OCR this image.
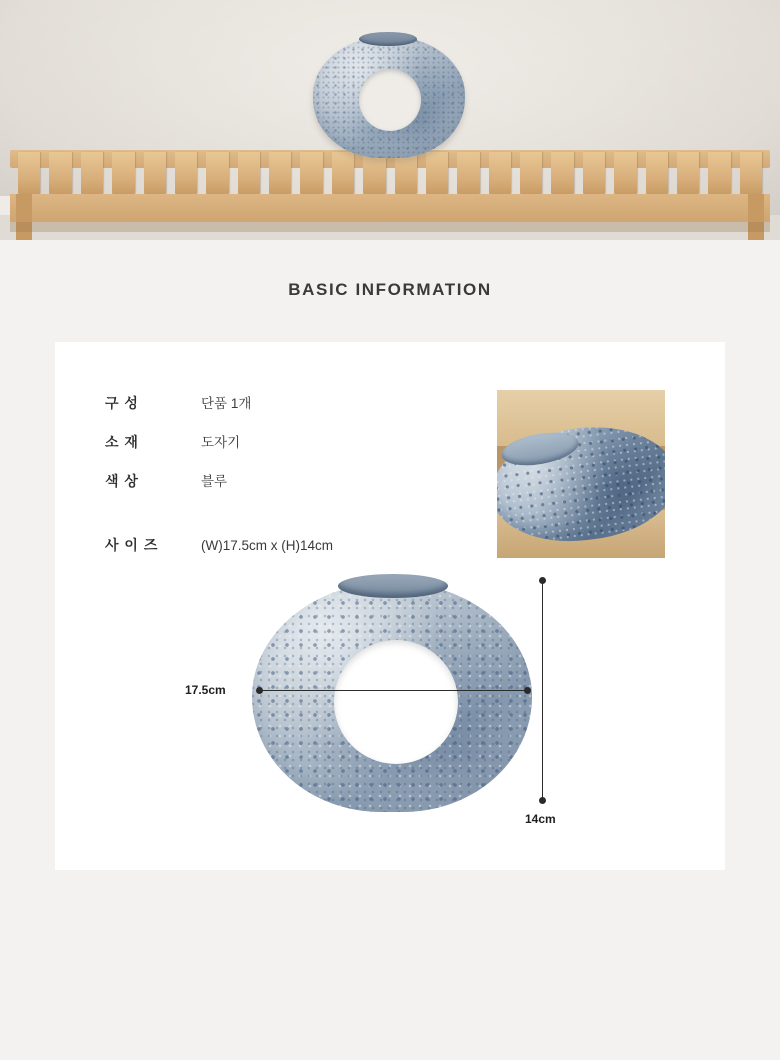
BASIC INFORMATION
구 성	단품 1개
소 재	도자기
색 상	블루
사 이 즈	(W)17.5cm x (H)14cm
17.5cm
14cm
